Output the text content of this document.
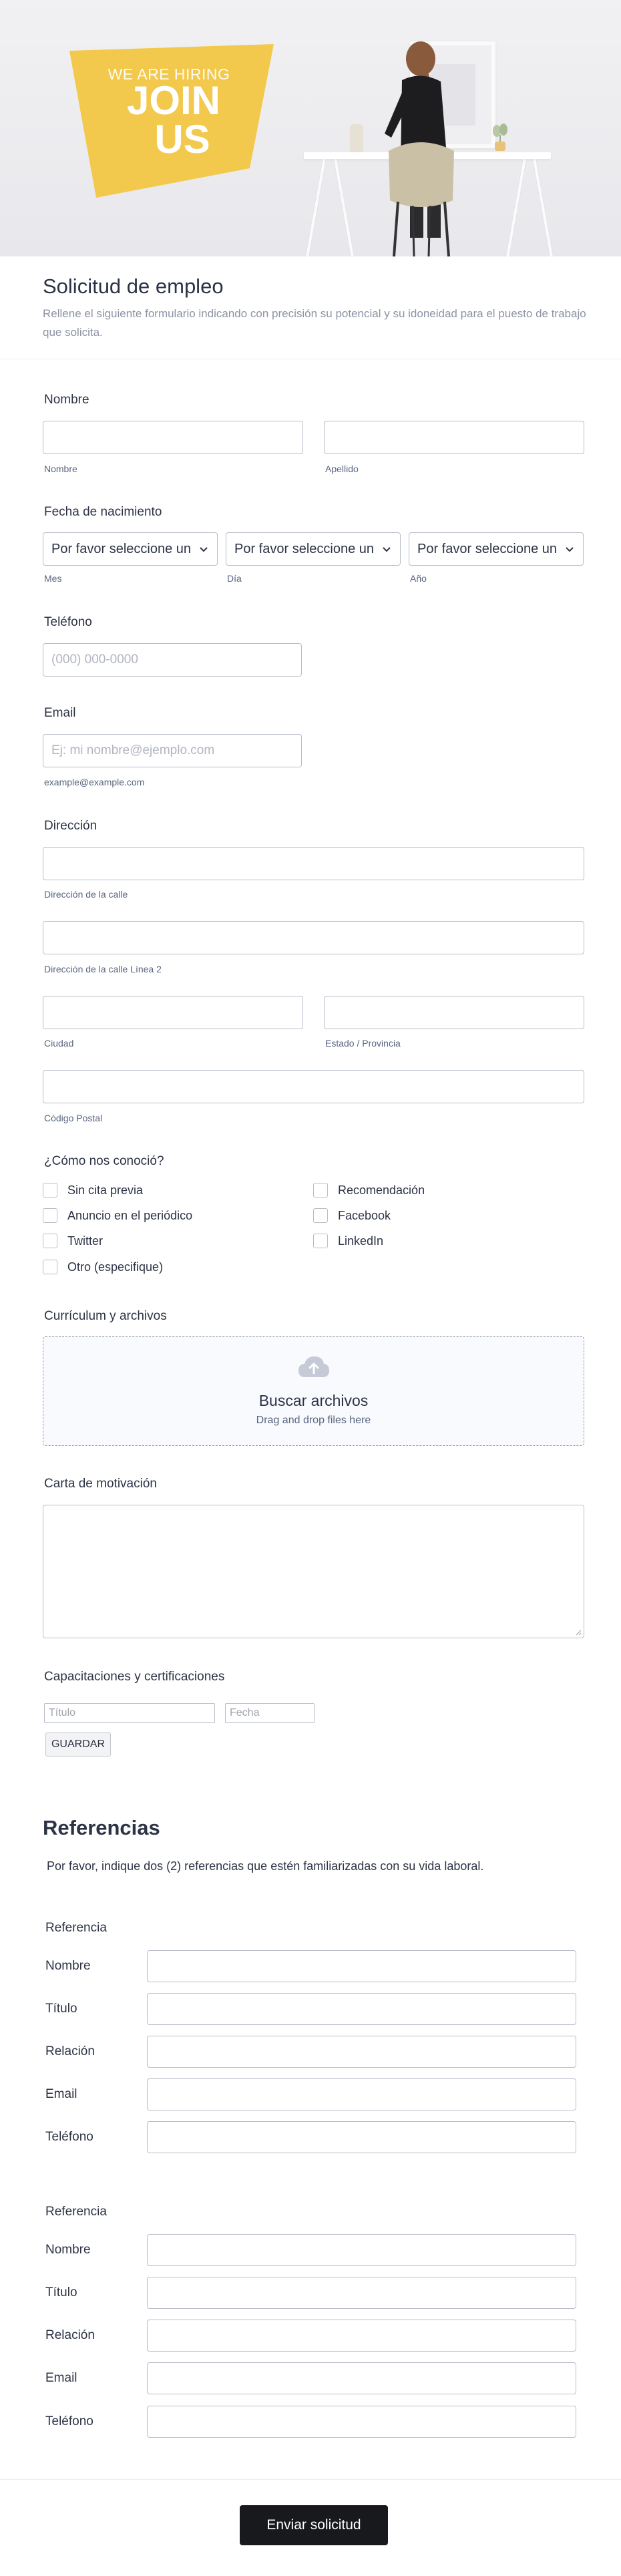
WE ARE HIRING
JOIN
US
Solicitud de empleo
Rellene el siguiente formulario indicando con precisión su potencial y su idoneidad para el puesto de trabajo que solicita.
Nombre
Nombre	Apellido
Fecha de nacimiento
Por favor seleccione un	Por favor seleccione un	Por favor seleccione un
Mes	Día	Año
Teléfono
(000) 000-0000
Email
Ej: mi nombre@ejemplo.com
example@example.com
Dirección
Dirección de la calle
Dirección de la calle Línea 2
Ciudad	Estado / Provincia
Código Postal
¿Cómo nos conoció?
Sin cita previa
Anuncio en el periódico
Twitter
Otro (especifique)
Recomendación
Facebook
LinkedIn
Currículum y archivos
Buscar archivos
Drag and drop files here
Carta de motivación
Capacitaciones y certificaciones
Título	Fecha
GUARDAR
Referencias
Por favor, indique dos (2) referencias que estén familiarizadas con su vida laboral.
Referencia
Nombre
Título
Relación
Email
Teléfono
Referencia
Nombre
Título
Relación
Email
Teléfono
Enviar solicitud
